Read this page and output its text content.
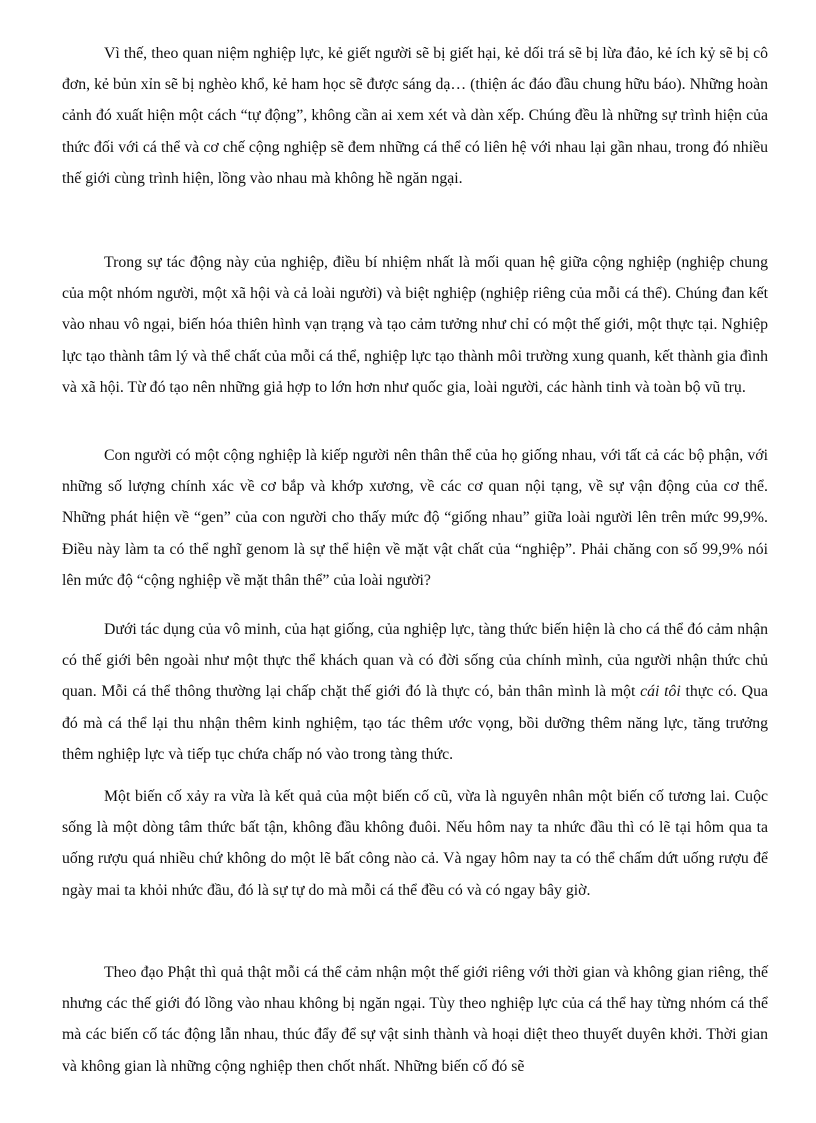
Vì thế, theo quan niệm nghiệp lực, kẻ giết người sẽ bị giết hại, kẻ dối trá sẽ bị lừa đảo, kẻ ích kỷ sẽ bị cô đơn, kẻ bủn xỉn sẽ bị nghèo khổ, kẻ ham học sẽ được sáng dạ… (thiện ác đáo đầu chung hữu báo). Những hoàn cảnh đó xuất hiện một cách “tự động”, không cần ai xem xét và dàn xếp. Chúng đều là những sự trình hiện của thức đối với cá thể và cơ chế cộng nghiệp sẽ đem những cá thể có liên hệ với nhau lại gần nhau, trong đó nhiều thế giới cùng trình hiện, lồng vào nhau mà không hề ngăn ngại.

Trong sự tác động này của nghiệp, điều bí nhiệm nhất là mối quan hệ giữa cộng nghiệp (nghiệp chung của một nhóm người, một xã hội và cả loài người) và biệt nghiệp (nghiệp riêng của mỗi cá thể). Chúng đan kết vào nhau vô ngại, biến hóa thiên hình vạn trạng và tạo cảm tưởng như chỉ có một thế giới, một thực tại. Nghiệp lực tạo thành tâm lý và thể chất của mỗi cá thể, nghiệp lực tạo thành môi trường xung quanh, kết thành gia đình và xã hội. Từ đó tạo nên những giả hợp to lớn hơn như quốc gia, loài người, các hành tinh và toàn bộ vũ trụ.

Con người có một cộng nghiệp là kiếp người nên thân thể của họ giống nhau, với tất cả các bộ phận, với những số lượng chính xác về cơ bắp và khớp xương, về các cơ quan nội tạng, về sự vận động của cơ thể. Những phát hiện về “gen” của con người cho thấy mức độ “giống nhau” giữa loài người lên trên mức 99,9%. Điều này làm ta có thể nghĩ genom là sự thể hiện về mặt vật chất của “nghiệp”. Phải chăng con số 99,9% nói lên mức độ “cộng nghiệp về mặt thân thể” của loài người?

Dưới tác dụng của vô minh, của hạt giống, của nghiệp lực, tàng thức biến hiện là cho cá thể đó cảm nhận có thế giới bên ngoài như một thực thể khách quan và có đời sống của chính mình, của người nhận thức chủ quan. Mỗi cá thể thông thường lại chấp chặt thế giới đó là thực có, bản thân mình là một cái tôi thực có. Qua đó mà cá thể lại thu nhận thêm kinh nghiệm, tạo tác thêm ước vọng, bồi dưỡng thêm năng lực, tăng trưởng thêm nghiệp lực và tiếp tục chứa chấp nó vào trong tàng thức.

Một biến cố xảy ra vừa là kết quả của một biến cố cũ, vừa là nguyên nhân một biến cố tương lai. Cuộc sống là một dòng tâm thức bất tận, không đầu không đuôi. Nếu hôm nay ta nhức đầu thì có lẽ tại hôm qua ta uống rượu quá nhiều chứ không do một lẽ bất công nào cả. Và ngay hôm nay ta có thể chấm dứt uống rượu để ngày mai ta khỏi nhức đầu, đó là sự tự do mà mỗi cá thể đều có và có ngay bây giờ.

Theo đạo Phật thì quả thật mỗi cá thể cảm nhận một thế giới riêng với thời gian và không gian riêng, thế nhưng các thế giới đó lồng vào nhau không bị ngăn ngại. Tùy theo nghiệp lực của cá thể hay từng nhóm cá thể mà các biến cố tác động lẫn nhau, thúc đẩy để sự vật sinh thành và hoại diệt theo thuyết duyên khởi. Thời gian và không gian là những cộng nghiệp then chốt nhất. Những biến cố đó sẽ
